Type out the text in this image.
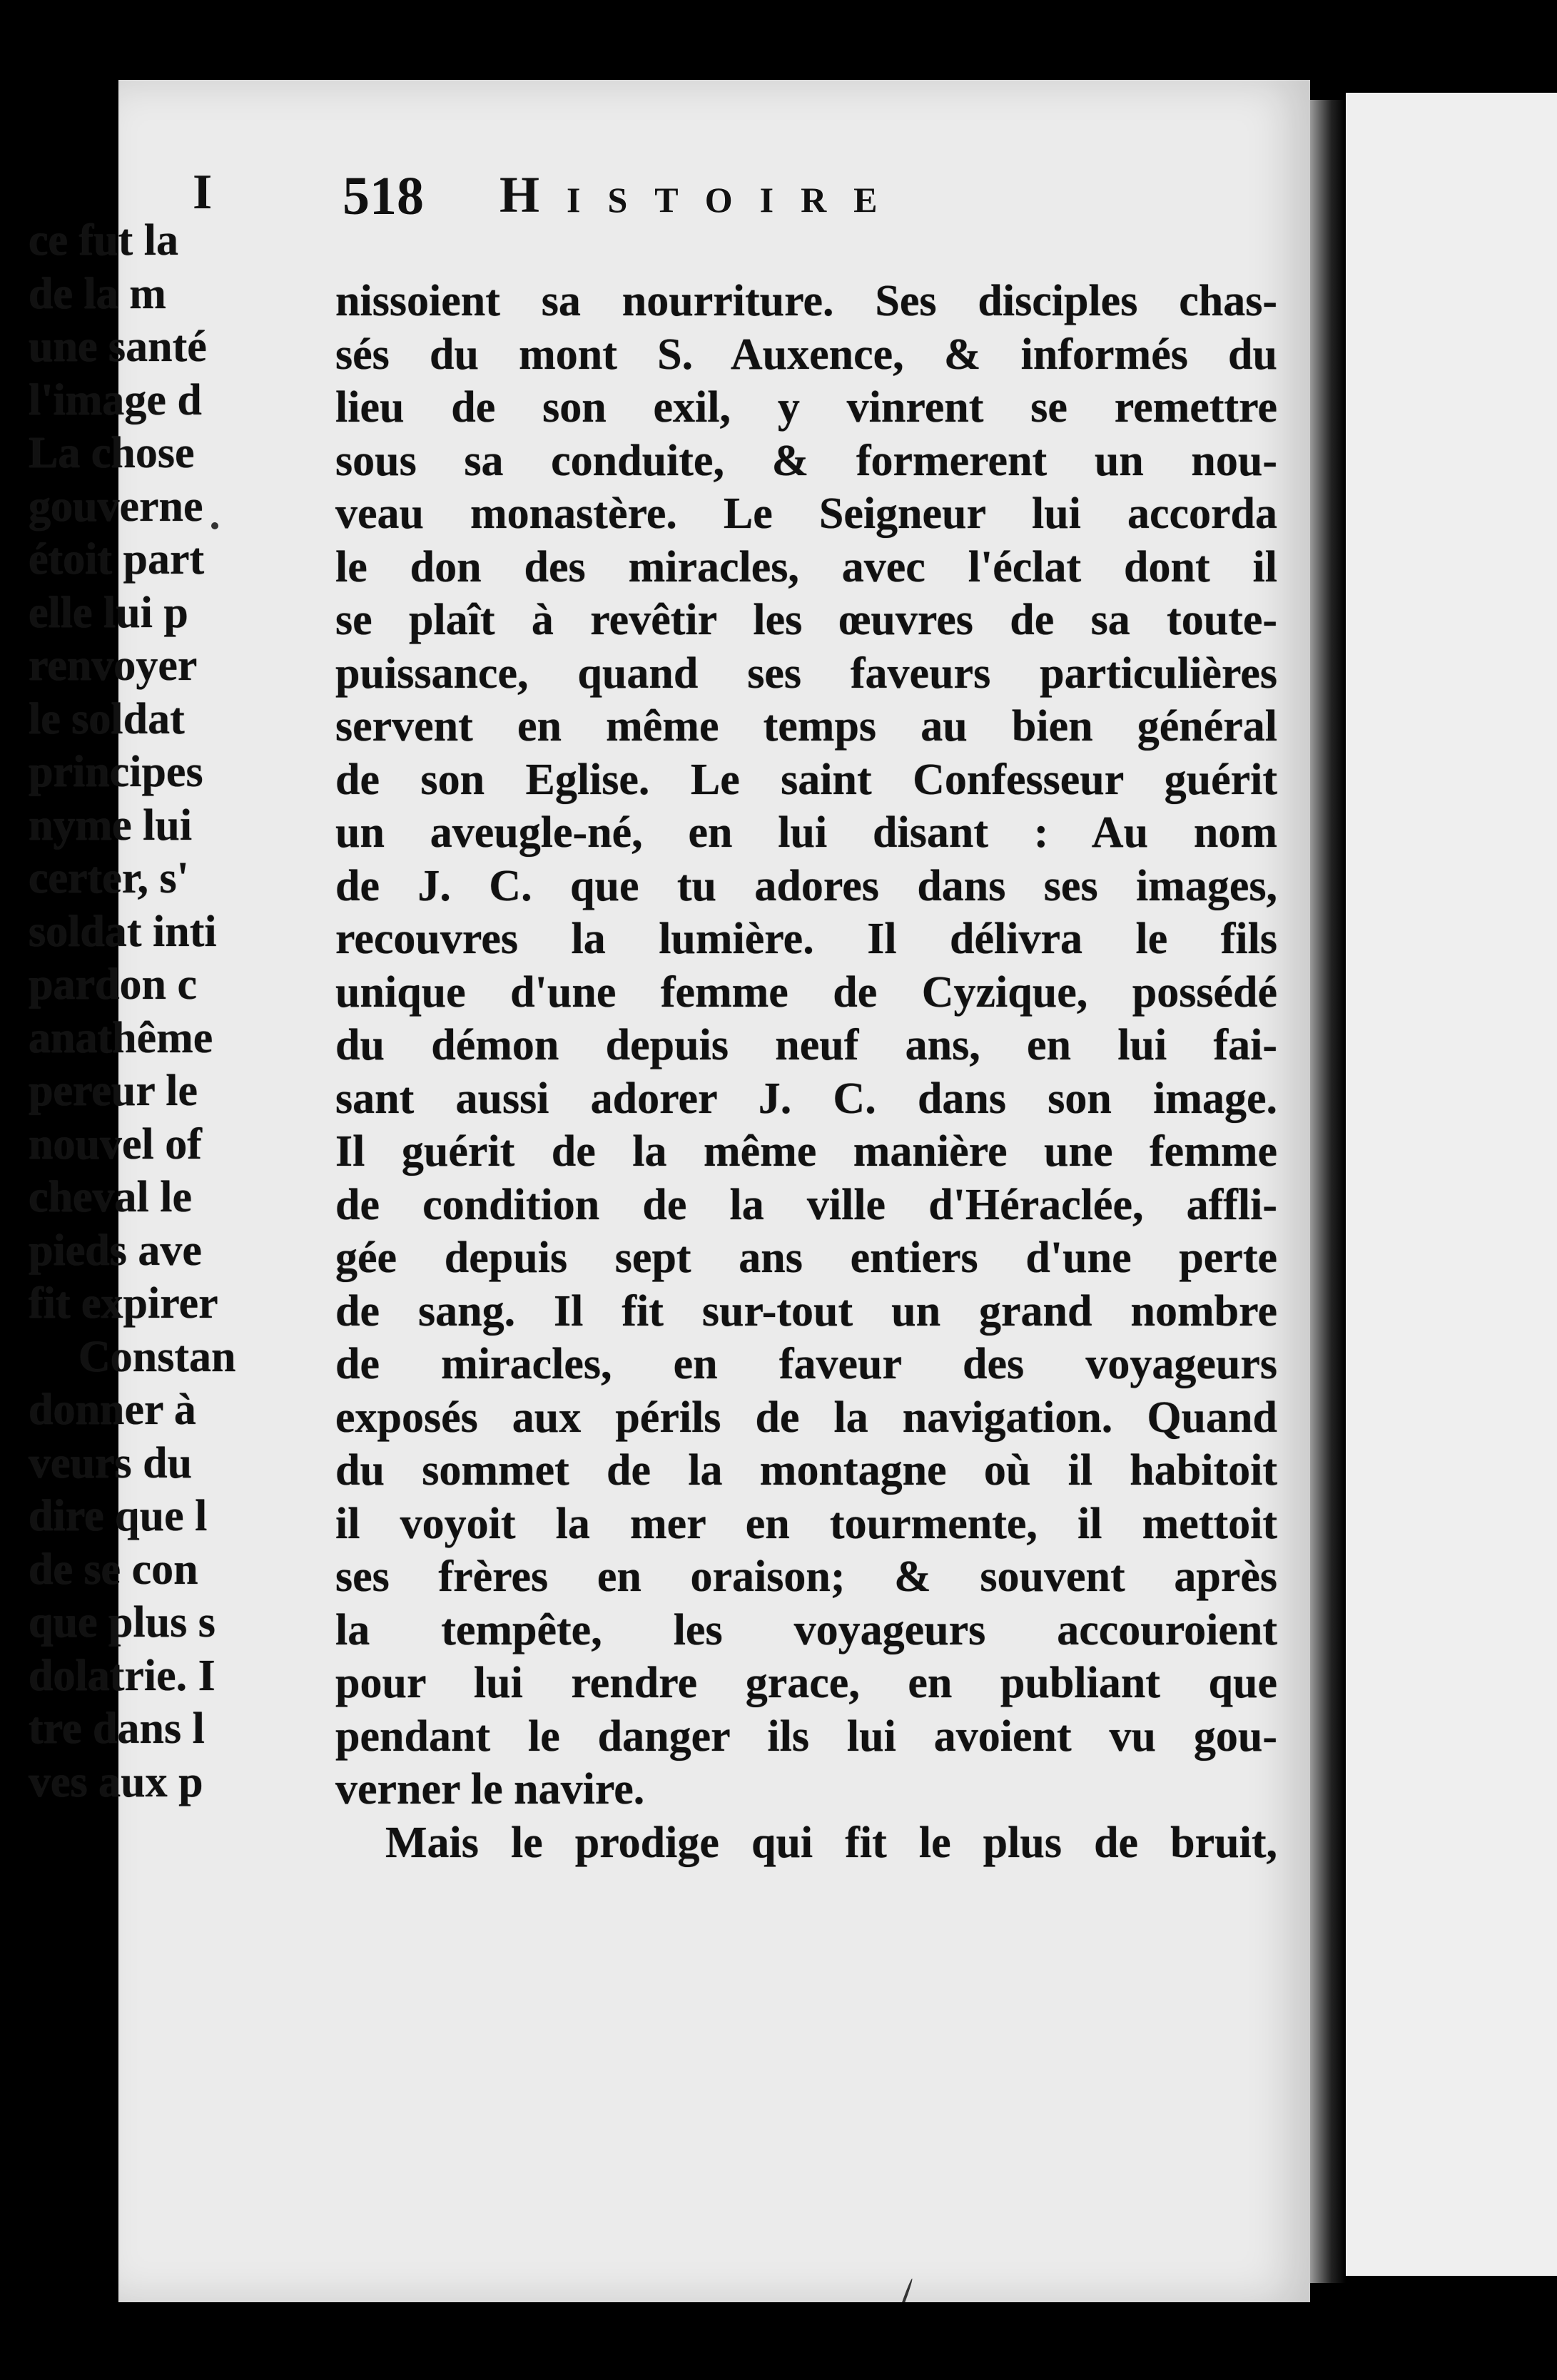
518 Histoire
nissoient sa nourriture. Ses disciples chas-
sés du mont S. Auxence, & informés du
lieu de son exil, y vinrent se remettre
sous sa conduite, & formerent un nou-
veau monastère. Le Seigneur lui accorda
le don des miracles, avec l'éclat dont il
se plaît à revêtir les œuvres de sa toute-
puissance, quand ses faveurs particulières
servent en même temps au bien général
de son Eglise. Le saint Confesseur guérit
un aveugle-né, en lui disant : Au nom
de J. C. que tu adores dans ses images,
recouvres la lumière. Il délivra le fils
unique d'une femme de Cyzique, possédé
du démon depuis neuf ans, en lui fai-
sant aussi adorer J. C. dans son image.
Il guérit de la même manière une femme
de condition de la ville d'Héraclée, affli-
gée depuis sept ans entiers d'une perte
de sang. Il fit sur-tout un grand nombre
de miracles, en faveur des voyageurs
exposés aux périls de la navigation. Quand
du sommet de la montagne où il habitoit
il voyoit la mer en tourmente, il mettoit
ses frères en oraison; & souvent après
la tempête, les voyageurs accouroient
pour lui rendre grace, en publiant que
pendant le danger ils lui avoient vu gou-
verner le navire.
Mais le prodige qui fit le plus de bruit,
I
ce fut la
de la m
une santé
l'image d
La chose
gouverne
étoit part
elle lui p
renvoyer
le soldat
principes
nyme lui
certer, s'
soldat inti
pardon c
anathême
pereur le
nouvel of
cheval le
pieds ave
fit expirer
Constan
donner à
veurs du
dire que l
de se con
que plus s
dolatrie. I
tre dans l
ves aux p
